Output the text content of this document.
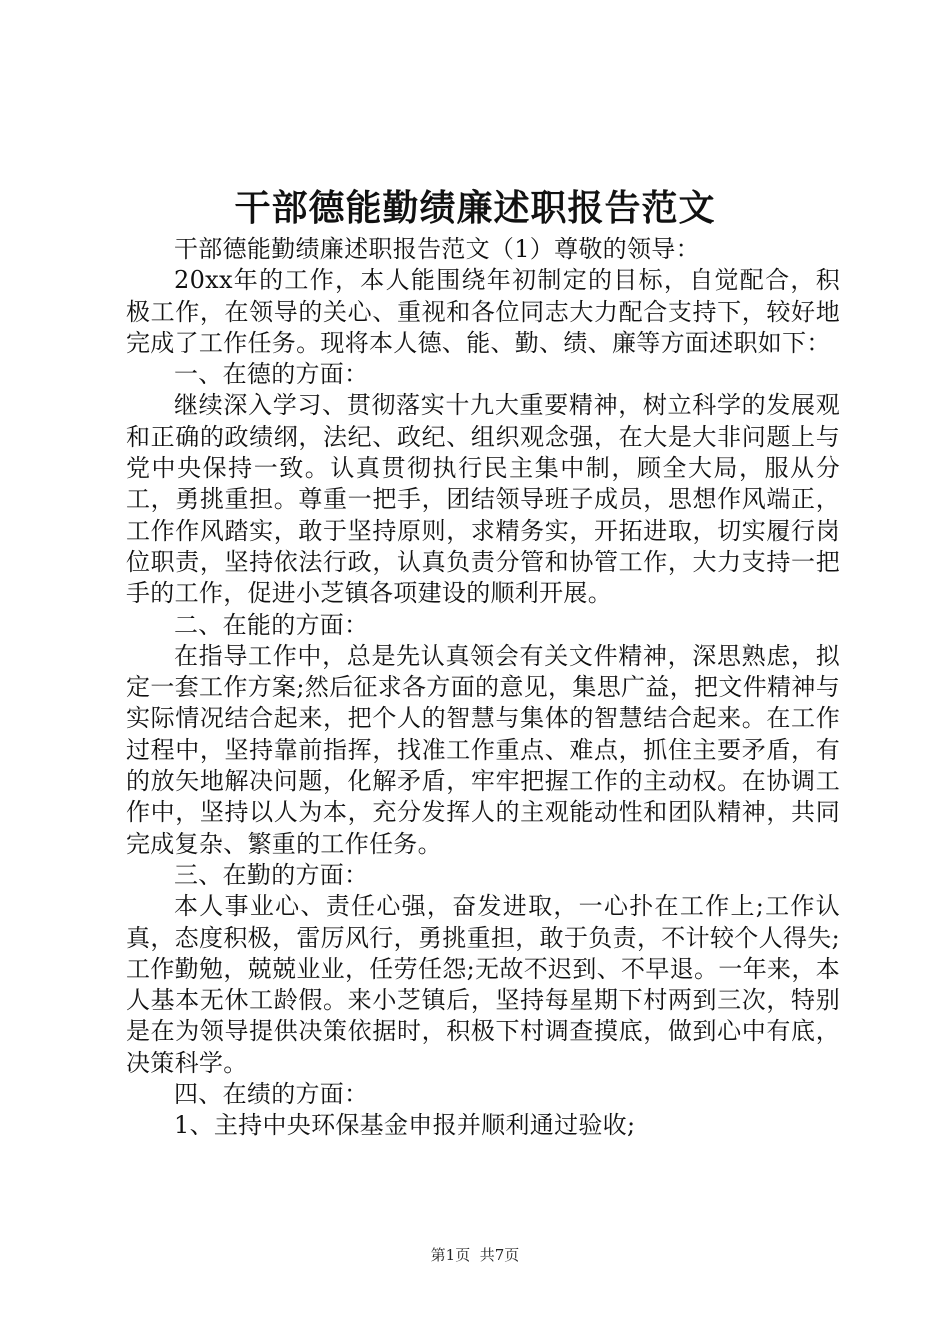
干部德能勤绩廉述职报告范文

干部德能勤绩廉述职报告范文（1）尊敬的领导：

20xx年的工作，本人能围绕年初制定的目标，自觉配合，积极工作，在领导的关心、重视和各位同志大力配合支持下，较好地完成了工作任务。现将本人德、能、勤、绩、廉等方面述职如下：

一、在德的方面：

继续深入学习、贯彻落实十九大重要精神，树立科学的发展观和正确的政绩纲，法纪、政纪、组织观念强，在大是大非问题上与党中央保持一致。认真贯彻执行民主集中制，顾全大局，服从分工，勇挑重担。尊重一把手，团结领导班子成员，思想作风端正，工作作风踏实，敢于坚持原则，求精务实，开拓进取，切实履行岗位职责，坚持依法行政，认真负责分管和协管工作，大力支持一把手的工作，促进小芝镇各项建设的顺利开展。

二、在能的方面：

在指导工作中，总是先认真领会有关文件精神，深思熟虑，拟定一套工作方案;然后征求各方面的意见，集思广益，把文件精神与实际情况结合起来，把个人的智慧与集体的智慧结合起来。在工作过程中，坚持靠前指挥，找准工作重点、难点，抓住主要矛盾，有的放矢地解决问题，化解矛盾，牢牢把握工作的主动权。在协调工作中，坚持以人为本，充分发挥人的主观能动性和团队精神，共同完成复杂、繁重的工作任务。

三、在勤的方面：

本人事业心、责任心强，奋发进取，一心扑在工作上;工作认真，态度积极，雷厉风行，勇挑重担，敢于负责，不计较个人得失;工作勤勉，兢兢业业，任劳任怨;无故不迟到、不早退。一年来，本人基本无休工龄假。来小芝镇后，坚持每星期下村两到三次，特别是在为领导提供决策依据时，积极下村调查摸底，做到心中有底，决策科学。

四、在绩的方面：

1、主持中央环保基金申报并顺利通过验收;

第1页 共7页
